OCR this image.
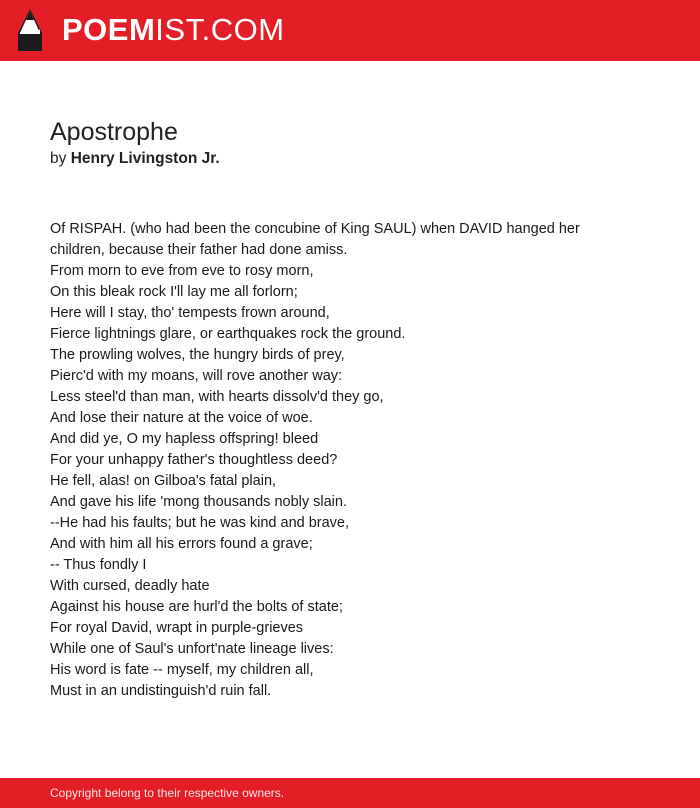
POEMIST.COM
Apostrophe
by Henry Livingston Jr.
Of RISPAH. (who had been the concubine of King SAUL) when DAVID hanged her
children, because their father had done amiss.
From morn to eve from eve to rosy morn,
On this bleak rock I'll lay me all forlorn;
Here will I stay, tho' tempests frown around,
Fierce lightnings glare, or earthquakes rock the ground.
The prowling wolves, the hungry birds of prey,
Pierc'd with my moans, will rove another way:
Less steel'd than man, with hearts dissolv'd they go,
And lose their nature at the voice of woe.
And did ye, O my hapless offspring! bleed
For your unhappy father's thoughtless deed?
He fell, alas! on Gilboa's fatal plain,
And gave his life 'mong thousands nobly slain.
--He had his faults; but he was kind and brave,
And with him all his errors found a grave;
-- Thus fondly I
With cursed, deadly hate
Against his house are hurl'd the bolts of state;
For royal David, wrapt in purple-grieves
While one of Saul's unfort'nate lineage lives:
His word is fate -- myself, my children all,
Must in an undistinguish'd ruin fall.
Copyright belong to their respective owners.
